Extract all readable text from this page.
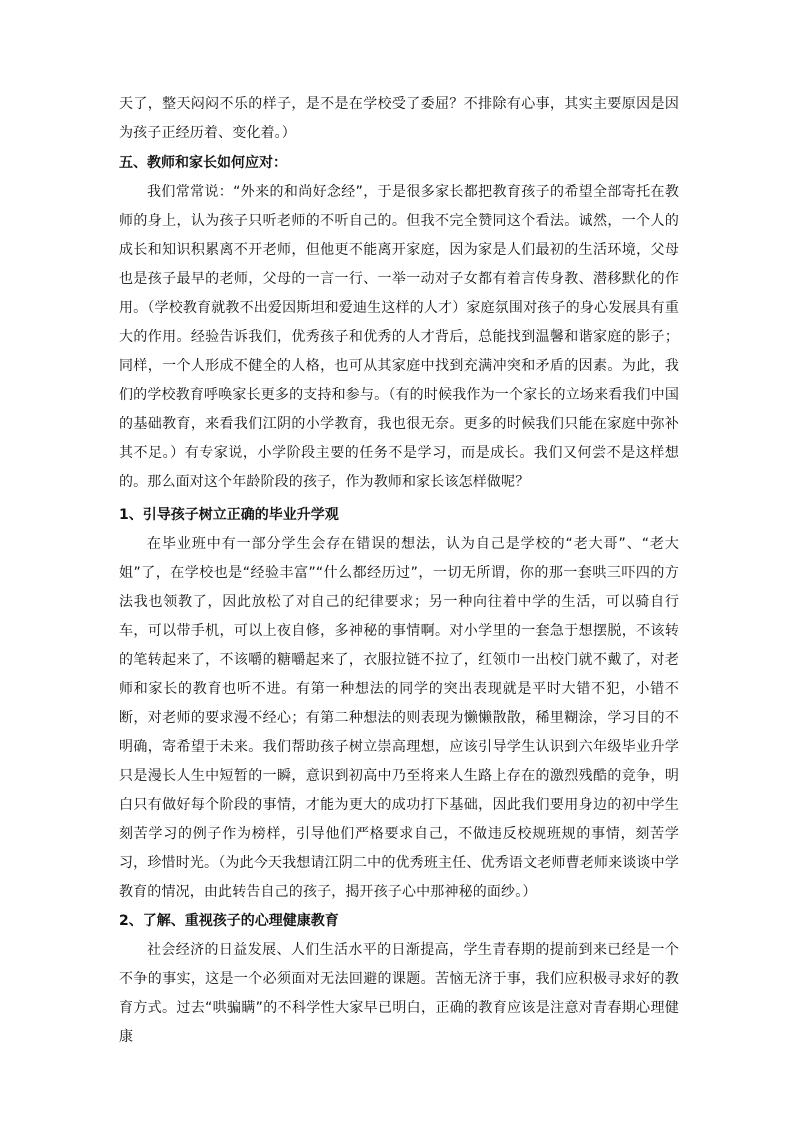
天了，整天闷闷不乐的样子，是不是在学校受了委屈？不排除有心事，其实主要原因是因为孩子正经历着、变化着。）

五、教师和家长如何应对：

我们常常说：“外来的和尚好念经”，于是很多家长都把教育孩子的希望全部寄托在教师的身上，认为孩子只听老师的不听自己的。但我不完全赞同这个看法。诚然，一个人的成长和知识积累离不开老师，但他更不能离开家庭，因为家是人们最初的生活环境，父母也是孩子最早的老师，父母的一言一行、一举一动对子女都有着言传身教、潜移默化的作用。（学校教育就教不出爱因斯坦和爱迪生这样的人才）家庭氛围对孩子的身心发展具有重大的作用。经验告诉我们，优秀孩子和优秀的人才背后，总能找到温馨和谐家庭的影子；同样，一个人形成不健全的人格，也可从其家庭中找到充满冲突和矛盾的因素。为此，我们的学校教育呼唤家长更多的支持和参与。（有的时候我作为一个家长的立场来看我们中国的基础教育，来看我们江阴的小学教育，我也很无奈。更多的时候我们只能在家庭中弥补其不足。）有专家说，小学阶段主要的任务不是学习，而是成长。我们又何尝不是这样想的。那么面对这个年龄阶段的孩子，作为教师和家长该怎样做呢？

1、引导孩子树立正确的毕业升学观

在毕业班中有一部分学生会存在错误的想法，认为自己是学校的“老大哥”、“老大姐”了，在学校也是“经验丰富”“什么都经历过”，一切无所谓，你的那一套哄三吓四的方法我也领教了，因此放松了对自己的纪律要求；另一种向往着中学的生活，可以骑自行车，可以带手机，可以上夜自修，多神秘的事情啊。对小学里的一套急于想摆脱，不该转的笔转起来了，不该嚼的糖嚼起来了，衣服拉链不拉了，红领巾一出校门就不戴了，对老师和家长的教育也听不进。有第一种想法的同学的突出表现就是平时大错不犯，小错不断，对老师的要求漫不经心；有第二种想法的则表现为懒懒散散，稀里糊涂，学习目的不明确，寄希望于未来。我们帮助孩子树立崇高理想，应该引导学生认识到六年级毕业升学只是漫长人生中短暂的一瞬，意识到初高中乃至将来人生路上存在的激烈残酷的竞争，明白只有做好每个阶段的事情，才能为更大的成功打下基础，因此我们要用身边的初中学生刻苦学习的例子作为榜样，引导他们严格要求自己，不做违反校规班规的事情，刻苦学习，珍惜时光。（为此今天我想请江阴二中的优秀班主任、优秀语文老师曹老师来谈谈中学教育的情况，由此转告自己的孩子，揭开孩子心中那神秘的面纱。）

2、了解、重视孩子的心理健康教育

社会经济的日益发展、人们生活水平的日渐提高，学生青春期的提前到来已经是一个不争的事实，这是一个必须面对无法回避的课题。苦恼无济于事，我们应积极寻求好的教育方式。过去“哄骗瞒”的不科学性大家早已明白，正确的教育应该是注意对青春期心理健康
